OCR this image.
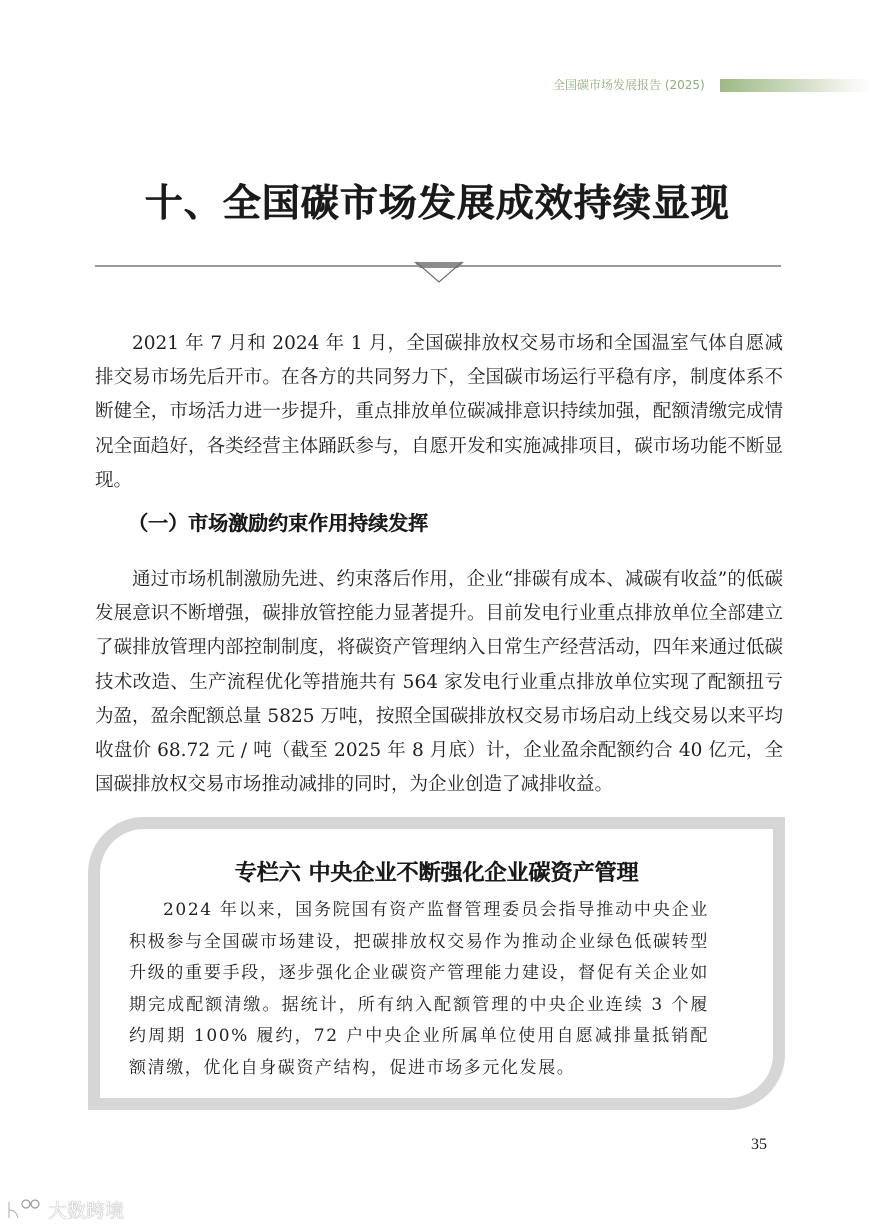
全国碳市场发展报告 (2025)
十、全国碳市场发展成效持续显现

2021 年 7 月和 2024 年 1 月，全国碳排放权交易市场和全国温室气体自愿减排交易市场先后开市。在各方的共同努力下，全国碳市场运行平稳有序，制度体系不断健全，市场活力进一步提升，重点排放单位碳减排意识持续加强，配额清缴完成情况全面趋好，各类经营主体踊跃参与，自愿开发和实施减排项目，碳市场功能不断显现。

（一）市场激励约束作用持续发挥

通过市场机制激励先进、约束落后作用，企业“排碳有成本、减碳有收益”的低碳发展意识不断增强，碳排放管控能力显著提升。目前发电行业重点排放单位全部建立了碳排放管理内部控制制度，将碳资产管理纳入日常生产经营活动，四年来通过低碳技术改造、生产流程优化等措施共有 564 家发电行业重点排放单位实现了配额扭亏为盈，盈余配额总量 5825 万吨，按照全国碳排放权交易市场启动上线交易以来平均收盘价 68.72 元 / 吨（截至 2025 年 8 月底）计，企业盈余配额约合 40 亿元，全国碳排放权交易市场推动减排的同时，为企业创造了减排收益。

专栏六 中央企业不断强化企业碳资产管理

2024 年以来，国务院国有资产监督管理委员会指导推动中央企业积极参与全国碳市场建设，把碳排放权交易作为推动企业绿色低碳转型升级的重要手段，逐步强化企业碳资产管理能力建设，督促有关企业如期完成配额清缴。据统计，所有纳入配额管理的中央企业连续 3 个履约周期 100% 履约，72 户中央企业所属单位使用自愿减排量抵销配额清缴，优化自身碳资产结构，促进市场多元化发展。

35
大数跨境
